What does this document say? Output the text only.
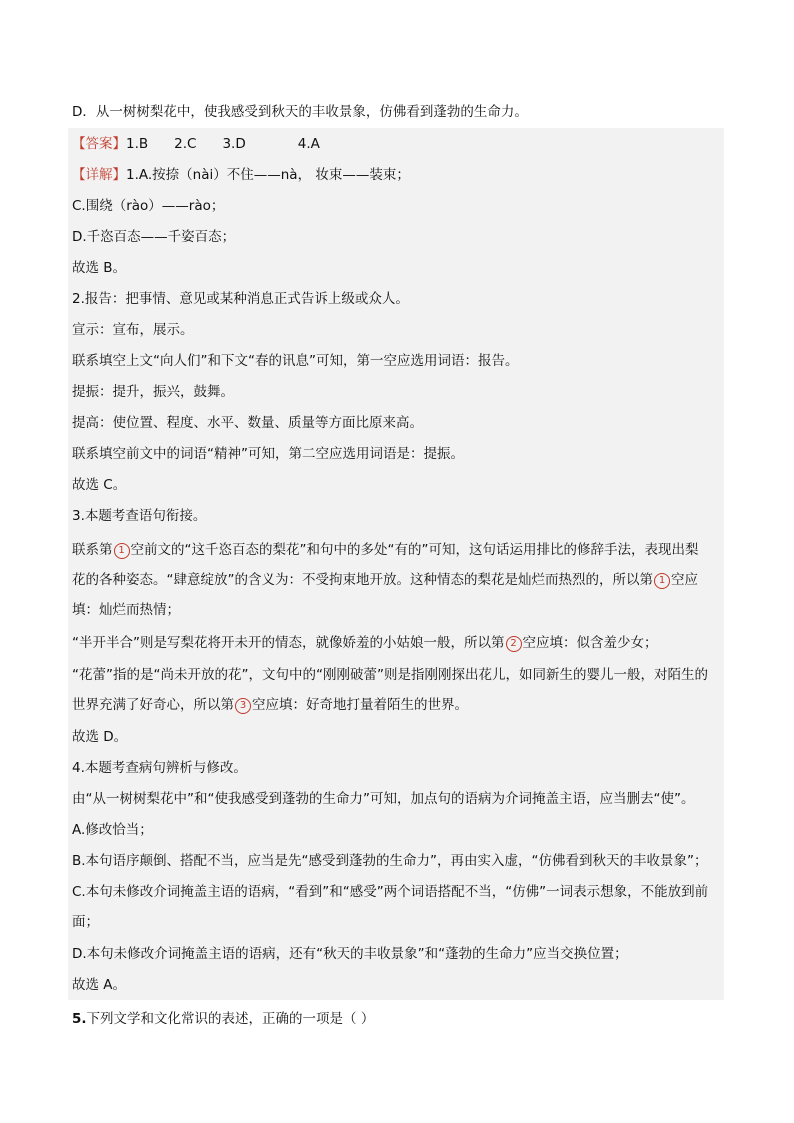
D．从一树树梨花中，使我感受到秋天的丰收景象，仿佛看到蓬勃的生命力。
【答案】1.B 2.C 3.D	4.A
【详解】1.A.按捺（nài）不住——nà， 妆束——装束；
C.围绕（rào）——rào；
D.千恣百态——千姿百态；
故选 B。
2.报告：把事情、意见或某种消息正式告诉上级或众人。
宣示：宣布，展示。
联系填空上文“向人们”和下文“春的讯息”可知，第一空应选用词语：报告。
提振：提升，振兴，鼓舞。
提高：使位置、程度、水平、数量、质量等方面比原来高。
联系填空前文中的词语“精神”可知，第二空应选用词语是：提振。
故选 C。
3.本题考查语句衔接。
联系第 1 空前文的“这千恣百态的梨花”和句中的多处“有的”可知，这句话运用排比的修辞手法，表现出梨
花的各种姿态。“肆意绽放”的含义为：不受拘束地开放。这种情态的梨花是灿烂而热烈的，所以第 1 空应
填：灿烂而热情；
“半开半合”则是写梨花将开未开的情态，就像娇羞的小姑娘一般，所以第 2 空应填：似含羞少女；
“花蕾”指的是“尚未开放的花”，文句中的“刚刚破蕾”则是指刚刚探出花儿，如同新生的婴儿一般，对陌生的
世界充满了好奇心，所以第 3 空应填：好奇地打量着陌生的世界。
故选 D。
4.本题考查病句辨析与修改。
由“从一树树梨花中”和“使我感受到蓬勃的生命力”可知，加点句的语病为介词掩盖主语，应当删去“使”。
A.修改恰当；
B.本句语序颠倒、搭配不当，应当是先“感受到蓬勃的生命力”，再由实入虚，“仿佛看到秋天的丰收景象”；
C.本句未修改介词掩盖主语的语病，“看到”和“感受”两个词语搭配不当，“仿佛”一词表示想象，不能放到前
面；
D.本句未修改介词掩盖主语的语病，还有“秋天的丰收景象”和“蓬勃的生命力”应当交换位置；
故选 A。
5.下列文学和文化常识的表述，正确的一项是（ ）
